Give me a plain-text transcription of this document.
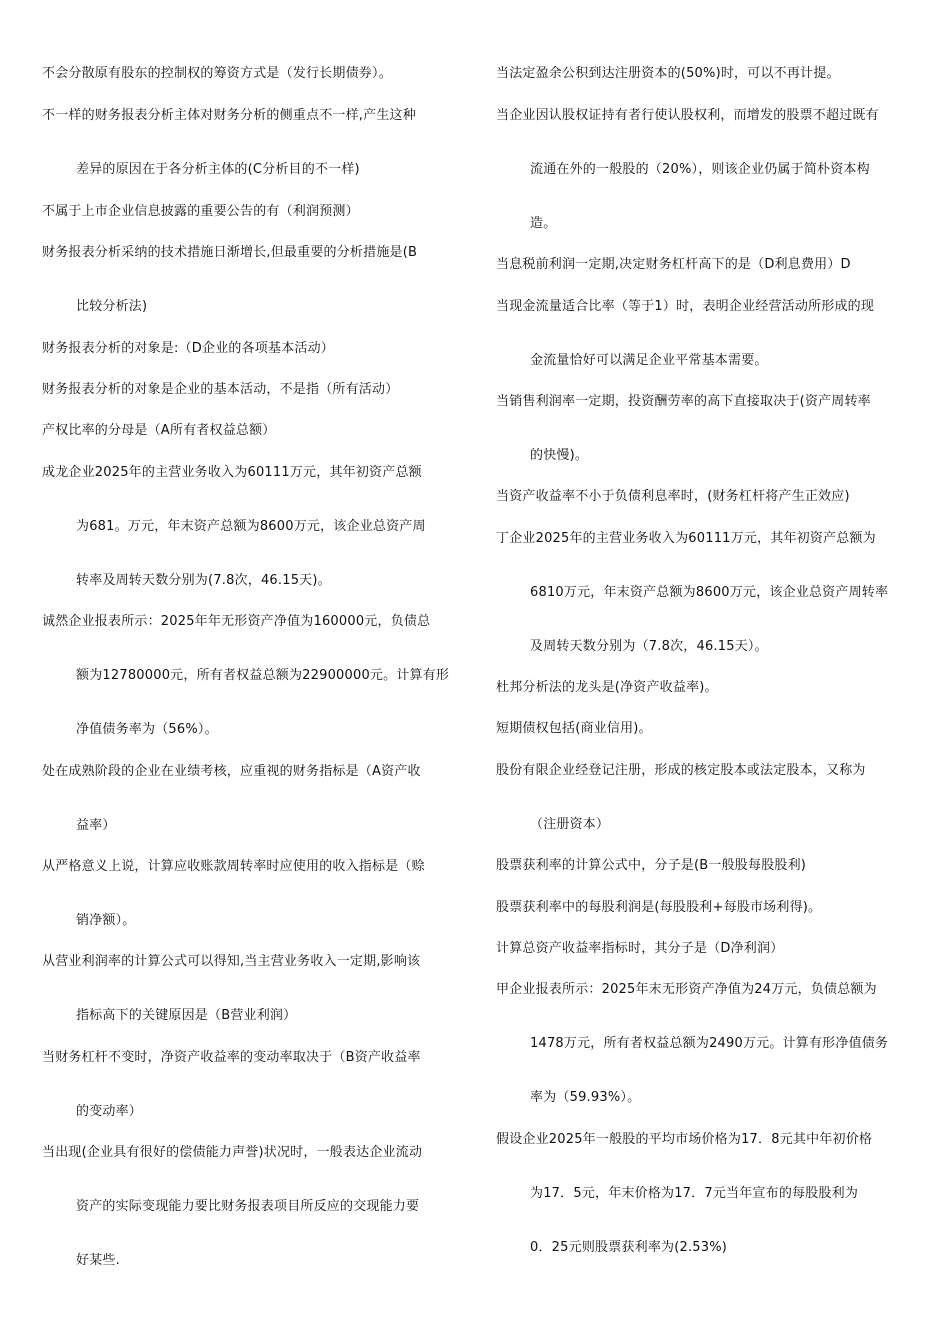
不会分散原有股东的控制权的筹资方式是（发行长期债券）。
不一样的财务报表分析主体对财务分析的侧重点不一样,产生这种
差异的原因在于各分析主体的(C分析目的不一样)
不属于上市企业信息披露的重要公告的有（利润预测）
财务报表分析采纳的技术措施日渐增长,但最重要的分析措施是(B
比较分析法)
财务报表分析的对象是:（D企业的各项基本活动）
财务报表分析的对象是企业的基本活动，不是指（所有活动）
产权比率的分母是（A所有者权益总额）
成龙企业2025年的主营业务收入为60111万元，其年初资产总额
为681。万元，年末资产总额为8600万元，该企业总资产周
转率及周转天数分别为(7.8次，46.15天)。
诚然企业报表所示：2025年年无形资产净值为160000元，负债总
额为12780000元，所有者权益总额为22900000元。计算有形
净值债务率为（56%）。
处在成熟阶段的企业在业绩考核，应重视的财务指标是（A资产收
益率）
从严格意义上说，计算应收账款周转率时应使用的收入指标是（赊
销净额）。
从营业利润率的计算公式可以得知,当主营业务收入一定期,影响该
指标高下的关键原因是（B营业利润）
当财务杠杆不变时，净资产收益率的变动率取决于（B资产收益率
的变动率）
当出现(企业具有很好的偿债能力声誉)状况时，一般表达企业流动
资产的实际变现能力要比财务报表项目所反应的交现能力要
好某些.
当法定盈余公积到达注册资本的(50%)时，可以不再计提。
当企业因认股权证持有者行使认股权利，而增发的股票不超过既有
流通在外的一般股的（20%），则该企业仍属于简朴资本构
造。
当息税前利润一定期,决定财务杠杆高下的是（D利息费用）D
当现金流量适合比率（等于1）时，表明企业经营活动所形成的现
金流量恰好可以满足企业平常基本需要。
当销售利润率一定期，投资酬劳率的高下直接取决于(资产周转率
的快慢)。
当资产收益率不小于负债利息率时，(财务杠杆将产生正效应)
丁企业2025年的主营业务收入为60111万元，其年初资产总额为
6810万元，年末资产总额为8600万元，该企业总资产周转率
及周转天数分别为（7.8次，46.15天）。
杜邦分析法的龙头是(净资产收益率)。
短期债权包括(商业信用)。
股份有限企业经登记注册，形成的核定股本或法定股本，又称为
（注册资本）
股票获利率的计算公式中，分子是(B一般股每股股利)
股票获利率中的每股利润是(每股股利+每股市场利得)。
计算总资产收益率指标时，其分子是（D净利润）
甲企业报表所示：2025年末无形资产净值为24万元，负债总额为
1478万元，所有者权益总额为2490万元。计算有形净值债务
率为（59.93%）。
假设企业2025年一般股的平均市场价格为17．8元其中年初价格
为17．5元，年末价格为17．7元当年宣布的每股股利为
0．25元则股票获利率为(2.53%)
